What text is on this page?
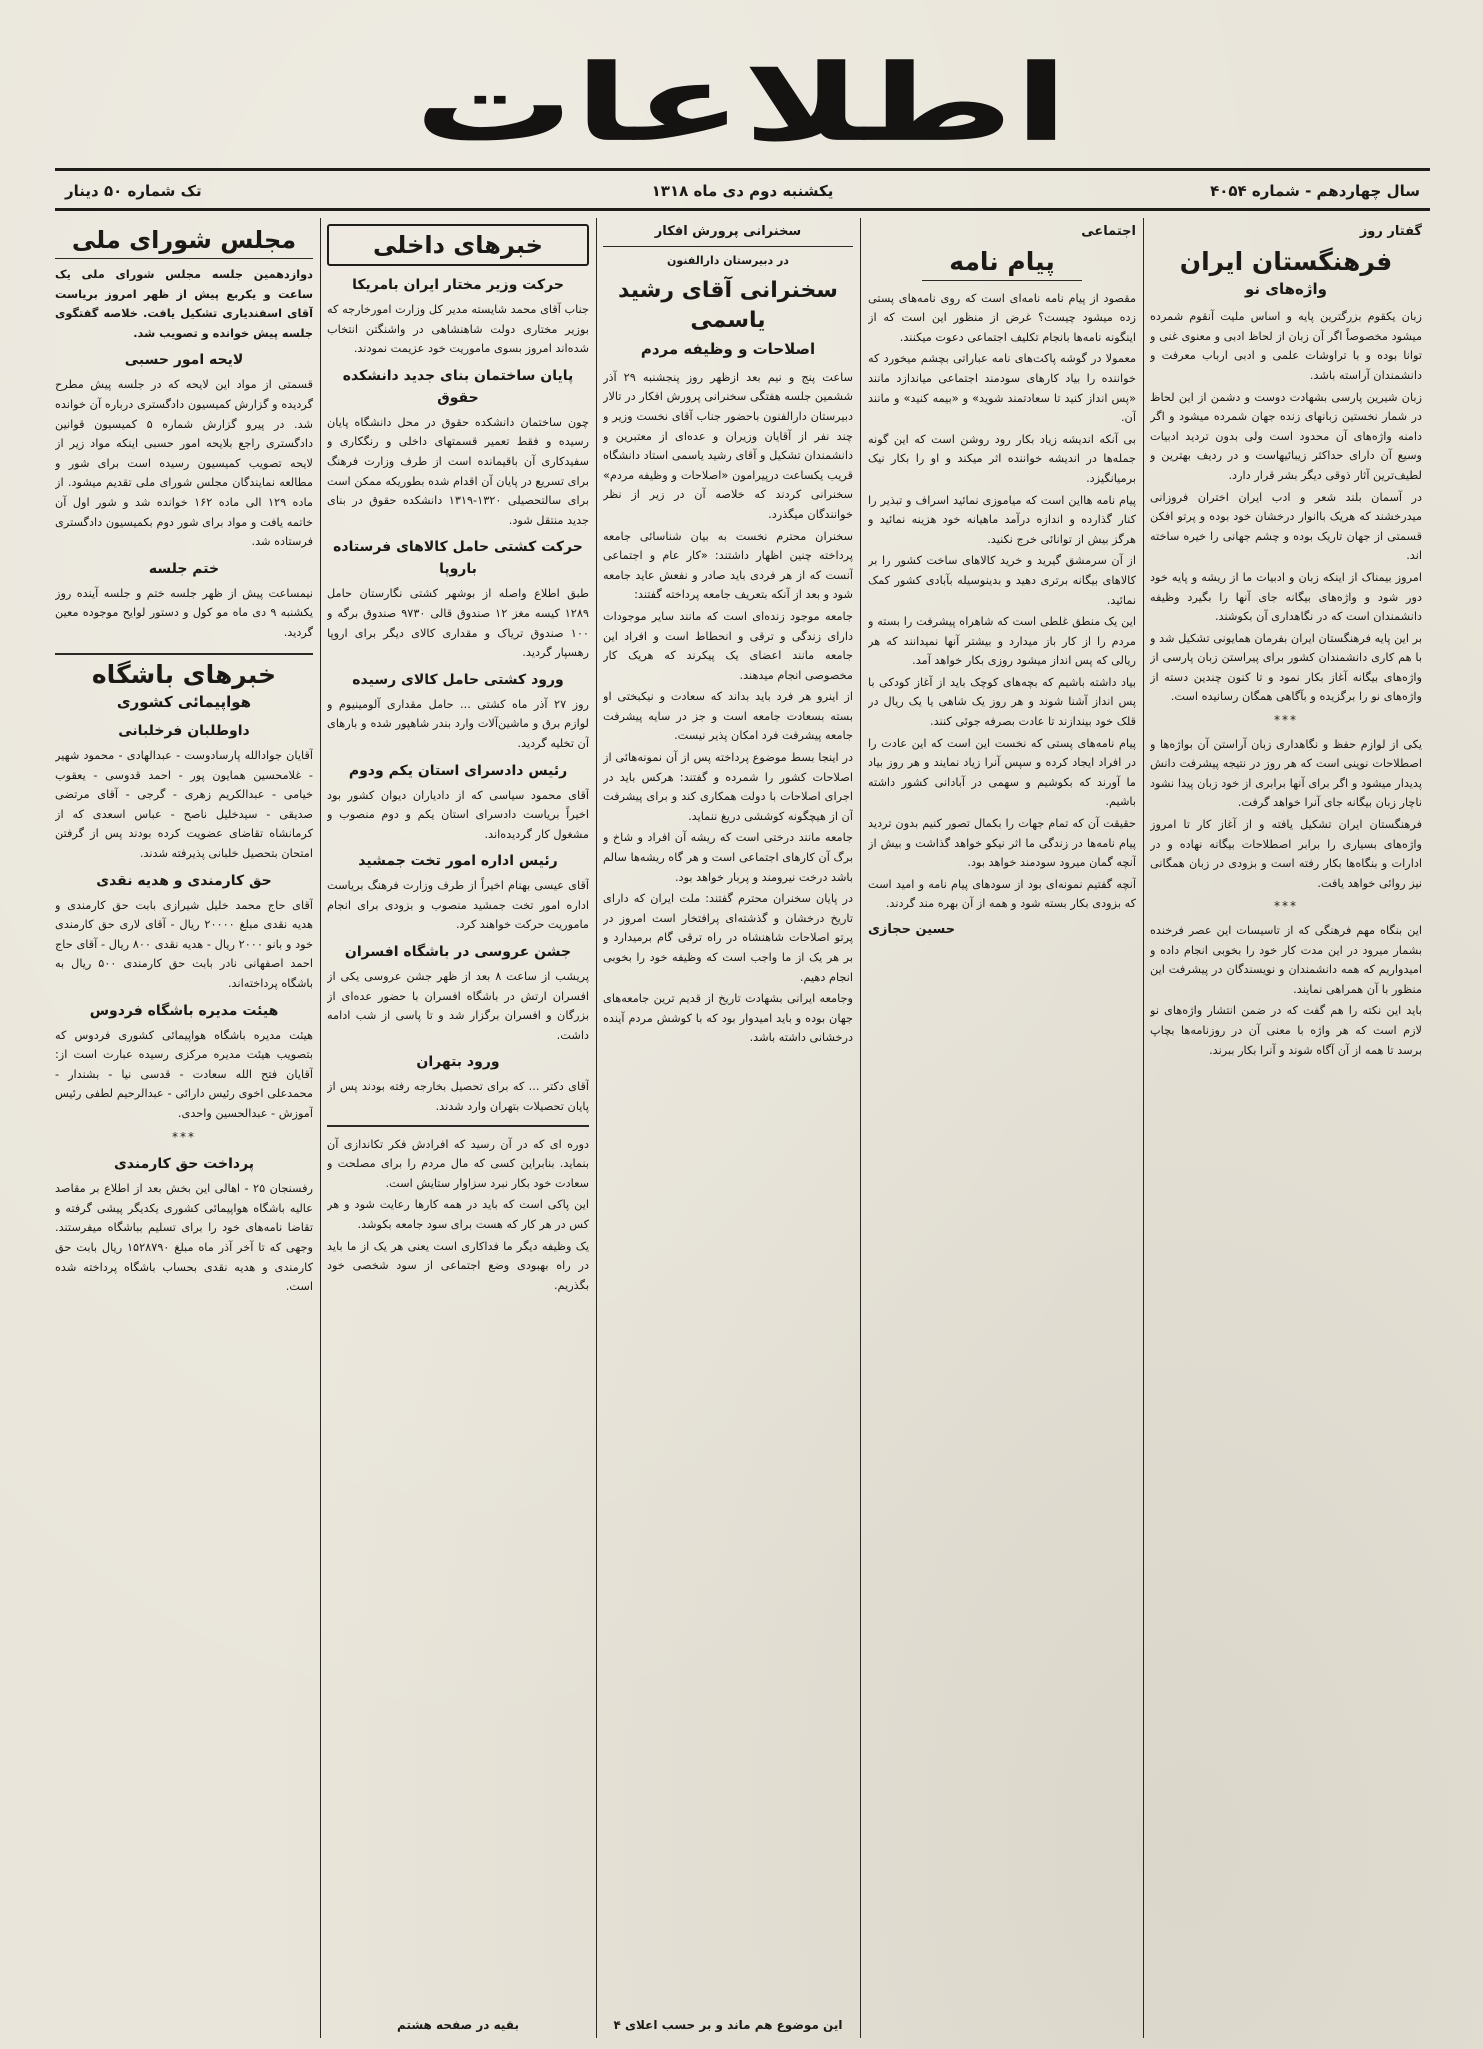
اطلاعات
سال چهاردهم - شماره ۴۰۵۴
یکشنبه دوم دی ماه ۱۳۱۸
تک شماره ۵۰ دینار
گفتار روز
فرهنگستان ایران
واژه‌های نو

زبان یکقوم بزرگترین پایه و اساس ملیت آنقوم شمرده میشود مخصوصاً اگر آن زبان از لحاظ ادبی و معنوی غنی و توانا بوده و با تراوشات علمی و ادبی ارباب معرفت و دانشمندان آراسته باشد.

زبان شیرین پارسی بشهادت دوست و دشمن از این لحاظ در شمار نخستین زبانهای زنده جهان شمرده میشود و اگر دامنه واژه‌های آن محدود است ولی بدون تردید ادبیات وسیع آن دارای حداکثر زیبائیهاست و در ردیف بهترین و لطیف‌ترین آثار ذوقی دیگر بشر قرار دارد.

در آسمان بلند شعر و ادب ایران اختران فروزانی میدرخشند که هریک باانوار درخشان خود بوده و پرتو افکن قسمتی از جهان تاریک بوده و چشم جهانی را خیره ساخته اند.

امروز بیمناک از اینکه زبان و ادبیات ما از ریشه و پایه خود دور شود و واژه‌های بیگانه جای آنها را بگیرد وظیفه دانشمندان است که در نگاهداری آن بکوشند.

بر این پایه فرهنگستان ایران بفرمان همایونی تشکیل شد و با هم کاری دانشمندان کشور برای پیراستن زبان پارسی از واژه‌های بیگانه آغاز بکار نمود و تا کنون چندین دسته از واژه‌های نو را برگزیده و بآگاهی همگان رسانیده است.

***

یکی از لوازم حفظ و نگاهداری زبان آراستن آن بواژه‌ها و اصطلاحات نوینی است که هر روز در نتیجه پیشرفت دانش پدیدار میشود و اگر برای آنها برابری از خود زبان پیدا نشود ناچار زبان بیگانه جای آنرا خواهد گرفت.

فرهنگستان ایران تشکیل یافته و از آغاز کار تا امروز واژه‌های بسیاری را برابر اصطلاحات بیگانه نهاده و در ادارات و بنگاه‌ها بکار رفته است و بزودی در زبان همگانی نیز روائی خواهد یافت.

***

این بنگاه مهم فرهنگی که از تاسیسات این عصر فرخنده بشمار میرود در این مدت کار خود را بخوبی انجام داده و امیدواریم که همه دانشمندان و نویسندگان در پیشرفت این منظور با آن همراهی نمایند.

باید این نکته را هم گفت که در ضمن انتشار واژه‌های نو لازم است که هر واژه با معنی آن در روزنامه‌ها بچاپ برسد تا همه از آن آگاه شوند و آنرا بکار ببرند.

اجتماعی
پیام نامه

مقصود از پیام نامه نامه‌ای است که روی نامه‌های پستی زده میشود چیست؟ غرض از منظور این است که از اینگونه نامه‌ها بانجام تکلیف اجتماعی دعوت میکنند.

معمولا در گوشه پاکت‌های نامه عباراتی بچشم میخورد که خواننده را بیاد کارهای سودمند اجتماعی میاندازد مانند «پس انداز کنید تا سعادتمند شوید» و «بیمه کنید» و مانند آن.

بی آنکه اندیشه زیاد بکار رود روشن است که این گونه جمله‌ها در اندیشه خواننده اثر میکند و او را بکار نیک برمیانگیزد.

پیام نامه هااین است که میاموزی نمائید اسراف و تبذیر را کنار گذارده و اندازه درآمد ماهیانه خود هزینه نمائید و هرگز بیش از توانائی خرج نکنید.

از آن سرمشق گیرید و خرید کالاهای ساخت کشور را بر کالاهای بیگانه برتری دهید و بدینوسیله بآبادی کشور کمک نمائید.

این یک منطق غلطی است که شاهراه پیشرفت را بسته و مردم را از کار باز میدارد و بیشتر آنها نمیدانند که هر ریالی که پس انداز میشود روزی بکار خواهد آمد.

بیاد داشته باشیم که بچه‌های کوچک باید از آغاز کودکی با پس انداز آشنا شوند و هر روز یک شاهی یا یک ریال در قلک خود بیندازند تا عادت بصرفه جوئی کنند.

پیام نامه‌های پستی که نخست این است که این عادت را در افراد ایجاد کرده و سپس آنرا زیاد نمایند و هر روز بیاد ما آورند که بکوشیم و سهمی در آبادانی کشور داشته باشیم.

حقیقت آن که تمام جهات را بکمال تصور کنیم بدون تردید پیام نامه‌ها در زندگی ما اثر نیکو خواهد گذاشت و بیش از آنچه گمان میرود سودمند خواهد بود.

آنچه گفتیم نمونه‌ای بود از سودهای پیام نامه و امید است که بزودی بکار بسته شود و همه از آن بهره مند گردند.

حسین حجازی
سخنرانی پرورش افکار
در دبیرستان دارالفنون
سخنرانی آقای رشید یاسمی
اصلاحات و وظیفه مردم

ساعت پنج و نیم بعد ازظهر روز پنجشنبه ۲۹ آذر ششمین جلسه هفتگی سخنرانی پرورش افکار در تالار دبیرستان دارالفنون باحضور جناب آقای نخست وزیر و چند نفر از آقایان وزیران و عده‌ای از معتبرین و دانشمندان تشکیل و آقای رشید یاسمی استاد دانشگاه قریب یکساعت درپیرامون «اصلاحات و وظیفه مردم» سخنرانی کردند که خلاصه آن در زیر از نظر خوانندگان میگذرد.

سخنران محترم نخست به بیان شناسائی جامعه پرداخته چنین اظهار داشتند: «کار عام و اجتماعی آنست که از هر فردی باید صادر و نفعش عاید جامعه شود و بعد از آنکه بتعریف جامعه پرداخته گفتند:

جامعه موجود زنده‌ای است که مانند سایر موجودات دارای زندگی و ترقی و انحطاط است و افراد این جامعه مانند اعضای یک پیکرند که هریک کار مخصوصی انجام میدهند.

از اینرو هر فرد باید بداند که سعادت و نیکبختی او بسته بسعادت جامعه است و جز در سایه پیشرفت جامعه پیشرفت فرد امکان پذیر نیست.

در اینجا بسط موضوع پرداخته پس از آن نمونه‌هائی از اصلاحات کشور را شمرده و گفتند: هرکس باید در اجرای اصلاحات با دولت همکاری کند و برای پیشرفت آن از هیچگونه کوششی دریغ ننماید.

جامعه مانند درختی است که ریشه آن افراد و شاخ و برگ آن کارهای اجتماعی است و هر گاه ریشه‌ها سالم باشد درخت نیرومند و پربار خواهد بود.

در پایان سخنران محترم گفتند: ملت ایران که دارای تاریخ درخشان و گذشته‌ای پرافتخار است امروز در پرتو اصلاحات شاهنشاه در راه ترقی گام برمیدارد و بر هر یک از ما واجب است که وظیفه خود را بخوبی انجام دهیم.

وجامعه ایرانی بشهادت تاریخ از قدیم ترین جامعه‌های جهان بوده و باید امیدوار بود که با کوشش مردم آینده درخشانی داشته باشد.

این موضوع هم ماند و بر حسب اعلای ۴
خبرهای داخلی
حرکت وزیر مختار ایران بامریکا

جناب آقای محمد شایسته مدیر کل وزارت امورخارجه که بوزیر مختاری دولت شاهنشاهی در واشنگتن انتخاب شده‌اند امروز بسوی ماموریت خود عزیمت نمودند.

پایان ساختمان بنای جدید دانشکده حقوق

چون ساختمان دانشکده حقوق در محل دانشگاه پایان رسیده و فقط تعمیر قسمتهای داخلی و رنگکاری و سفیدکاری آن باقیمانده است از طرف وزارت فرهنگ برای تسریع در پایان آن اقدام شده بطوریکه ممکن است برای سالتحصیلی ۱۳۲۰-۱۳۱۹ دانشکده حقوق در بنای جدید منتقل شود.

حرکت کشتی حامل کالاهای فرستاده باروپا

طبق اطلاع واصله از بوشهر کشتی نگارستان حامل ۱۲۸۹ کیسه مغز ۱۲ صندوق قالی ۹۷۳۰ صندوق برگه و ۱۰۰ صندوق تریاک و مقداری کالای دیگر برای اروپا رهسپار گردید.

ورود کشتی حامل کالای رسیده

روز ۲۷ آذر ماه کشتی ... حامل مقداری آلومینیوم و لوازم برق و ماشین‌آلات وارد بندر شاهپور شده و بارهای آن تخلیه گردید.

رئیس دادسرای استان یکم ودوم

آقای محمود سیاسی که از دادیاران دیوان کشور بود اخیراً بریاست دادسرای استان یکم و دوم منصوب و مشغول کار گردیده‌اند.

رئیس اداره امور تخت جمشید

آقای عیسی بهنام اخیراً از طرف وزارت فرهنگ بریاست اداره امور تخت جمشید منصوب و بزودی برای انجام ماموریت حرکت خواهند کرد.

جشن عروسی در باشگاه افسران

پریشب از ساعت ۸ بعد از ظهر جشن عروسی یکی از افسران ارتش در باشگاه افسران با حضور عده‌ای از بزرگان و افسران برگزار شد و تا پاسی از شب ادامه داشت.

ورود بتهران

آقای دکتر ... که برای تحصیل بخارجه رفته بودند پس از پایان تحصیلات بتهران وارد شدند.

دوره ای که در آن رسید که افرادش فکر تکاندازی آن بنماید. بنابراین کسی که مال مردم را برای مصلحت و سعادت خود بکار نبرد سزاوار ستایش است.

این پاکی است که باید در همه کارها رعایت شود و هر کس در هر کار که هست برای سود جامعه بکوشد.

یک وظیفه دیگر ما فداکاری است یعنی هر یک از ما باید در راه بهبودی وضع اجتماعی از سود شخصی خود بگذریم.

بقیه در صفحه هشتم
مجلس شورای ملی

دوازدهمین جلسه مجلس شورای ملی یک ساعت و یکربع پیش از ظهر امروز بریاست آقای اسفندیاری تشکیل یافت. خلاصه گفتگوی جلسه پیش خوانده و تصویب شد.

لایحه امور حسبی

قسمتی از مواد این لایحه که در جلسه پیش مطرح گردیده و گزارش کمیسیون دادگستری درباره آن خوانده شد. در پیرو گزارش شماره ۵ کمیسیون قوانین دادگستری راجع بلایحه امور حسبی اینکه مواد زیر از لایحه تصویب کمیسیون رسیده است برای شور و مطالعه نمایندگان مجلس شورای ملی تقدیم میشود. از ماده ۱۲۹ الی ماده ۱۶۲ خوانده شد و شور اول آن خاتمه یافت و مواد برای شور دوم بکمیسیون دادگستری فرستاده شد.

ختم جلسه

نیمساعت پیش از ظهر جلسه ختم و جلسه آینده روز یکشنبه ۹ دی ماه مو کول و دستور لوایح موجوده معین گردید.

خبرهای باشگاه
هواپیمائی کشوری
داوطلبان فرخلبانی

آقایان جوادالله پارسادوست - عبدالهادی - محمود شهیر - غلامحسین همایون پور - احمد قدوسی - یعقوب خیامی - عبدالکریم زهری - گرجی - آقای مرتضی صدیقی - سیدخلیل ناصح - عباس اسعدی که از کرمانشاه تقاضای عضویت کرده بودند پس از گرفتن امتحان بتحصیل خلبانی پذیرفته شدند.

حق کارمندی و هدیه نقدی

آقای حاج محمد خلیل شیرازی بابت حق کارمندی و هدیه نقدی مبلغ ۲۰۰۰۰ ریال - آقای لاری حق کارمندی خود و بانو ۲۰۰۰ ریال - هدیه نقدی ۸۰۰ ریال - آقای حاج احمد اصفهانی نادر بابت حق کارمندی ۵۰۰ ریال به باشگاه پرداخته‌اند.

هیئت مدیره باشگاه فردوس

هیئت مدیره باشگاه هواپیمائی کشوری فردوس که بتصویب هیئت مدیره مرکزی رسیده عبارت است از: آقایان فتح الله سعادت - قدسی نیا - بشندار - محمدعلی اخوی رئیس دارائی - عبدالرحیم لطفی رئیس آموزش - عبدالحسین واحدی.

***
پرداخت حق کارمندی

رفسنجان ۲۵ - اهالی این بخش بعد از اطلاع بر مقاصد عالیه باشگاه هواپیمائی کشوری یکدیگر پیشی گرفته و تقاضا نامه‌های خود را برای تسلیم بباشگاه میفرستند. وجهی که تا آخر آذر ماه مبلغ ۱۵۲۸۷۹۰ ریال بابت حق کارمندی و هدیه نقدی بحساب باشگاه پرداخته شده است.
